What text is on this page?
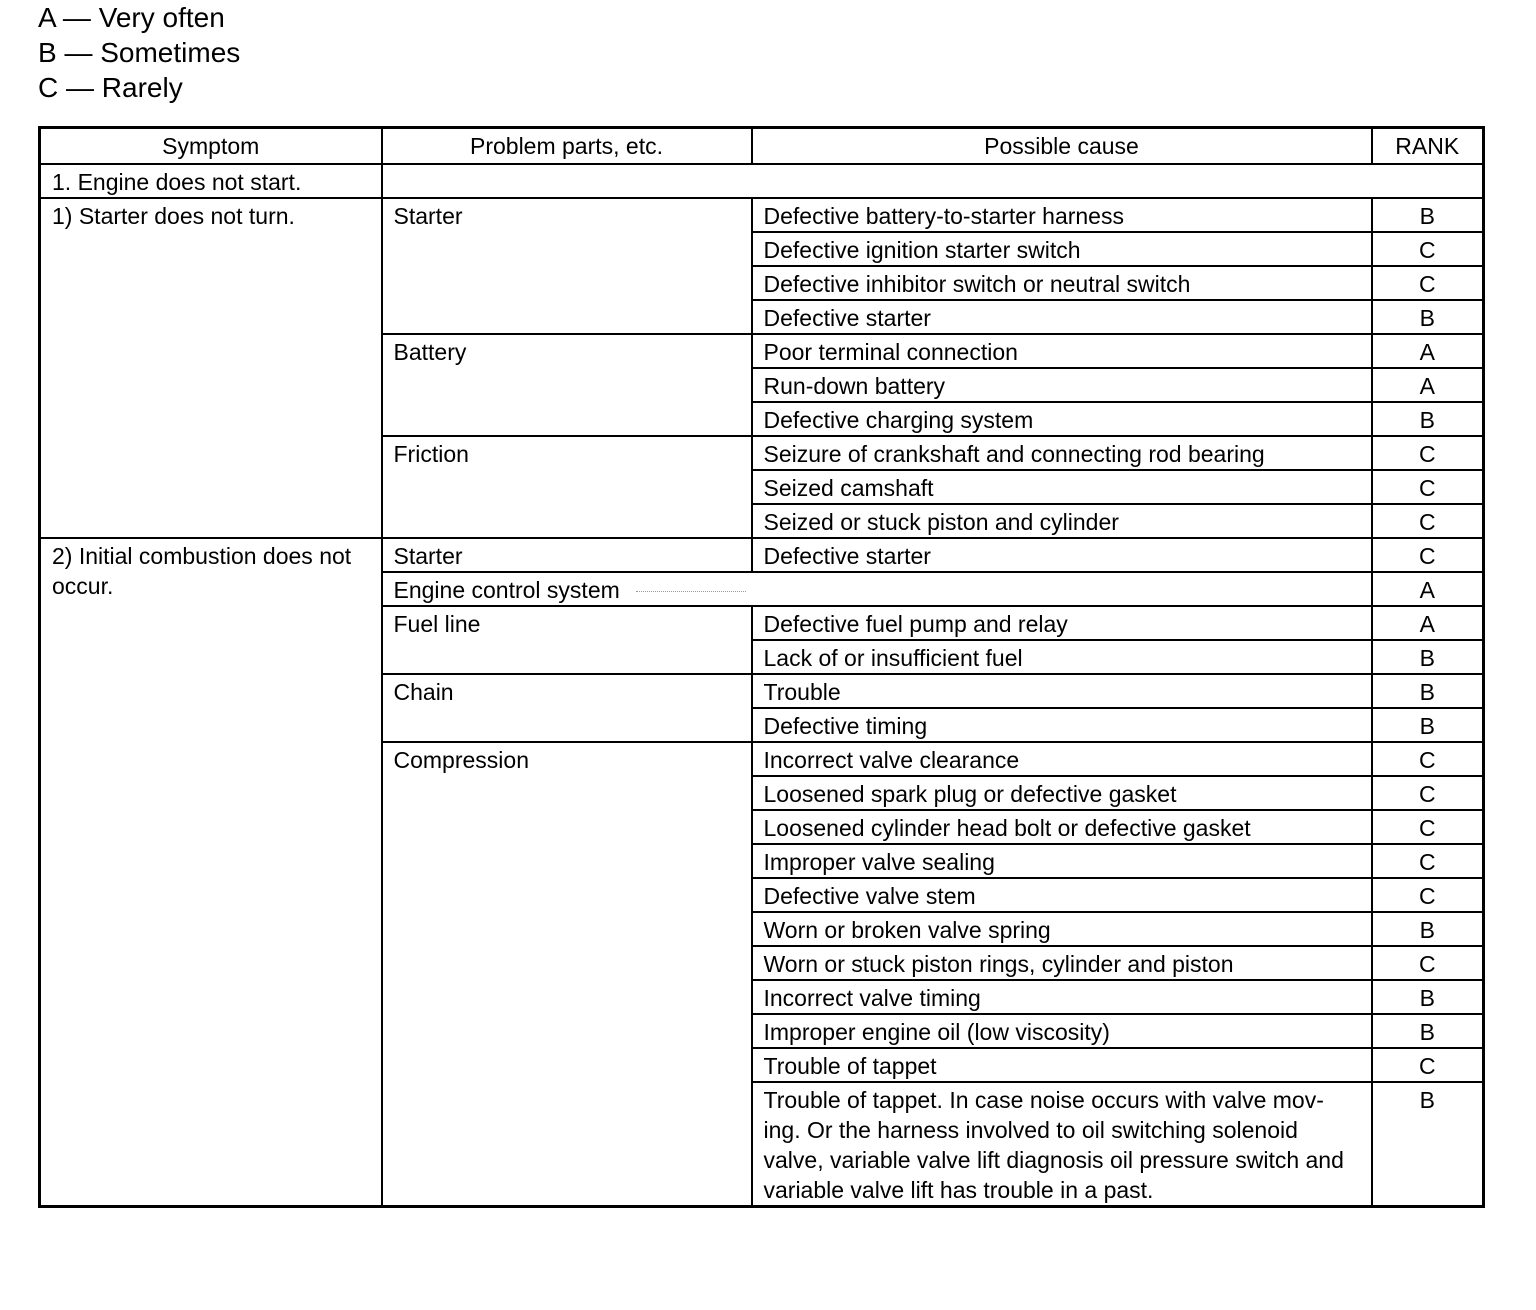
A — Very often
B — Sometimes
C — Rarely
Symptom	Problem parts, etc.	Possible cause	RANK
1. Engine does not start.			
1) Starter does not turn.	Starter	Defective battery-to-starter harness	B
		Defective ignition starter switch	C
		Defective inhibitor switch or neutral switch	C
		Defective starter	B
	Battery	Poor terminal connection	A
		Run-down battery	A
		Defective charging system	B
	Friction	Seizure of crankshaft and connecting rod bearing	C
		Seized camshaft	C
		Seized or stuck piston and cylinder	C
2) Initial combustion does not occur.	Starter	Defective starter	C
	Engine control system		A
	Fuel line	Defective fuel pump and relay	A
		Lack of or insufficient fuel	B
	Chain	Trouble	B
		Defective timing	B
	Compression	Incorrect valve clearance	C
		Loosened spark plug or defective gasket	C
		Loosened cylinder head bolt or defective gasket	C
		Improper valve sealing	C
		Defective valve stem	C
		Worn or broken valve spring	B
		Worn or stuck piston rings, cylinder and piston	C
		Incorrect valve timing	B
		Improper engine oil (low viscosity)	B
		Trouble of tappet	C
		Trouble of tappet. In case noise occurs with valve mov-ing. Or the harness involved to oil switching solenoid valve, variable valve lift diagnosis oil pressure switch and variable valve lift has trouble in a past.	B
